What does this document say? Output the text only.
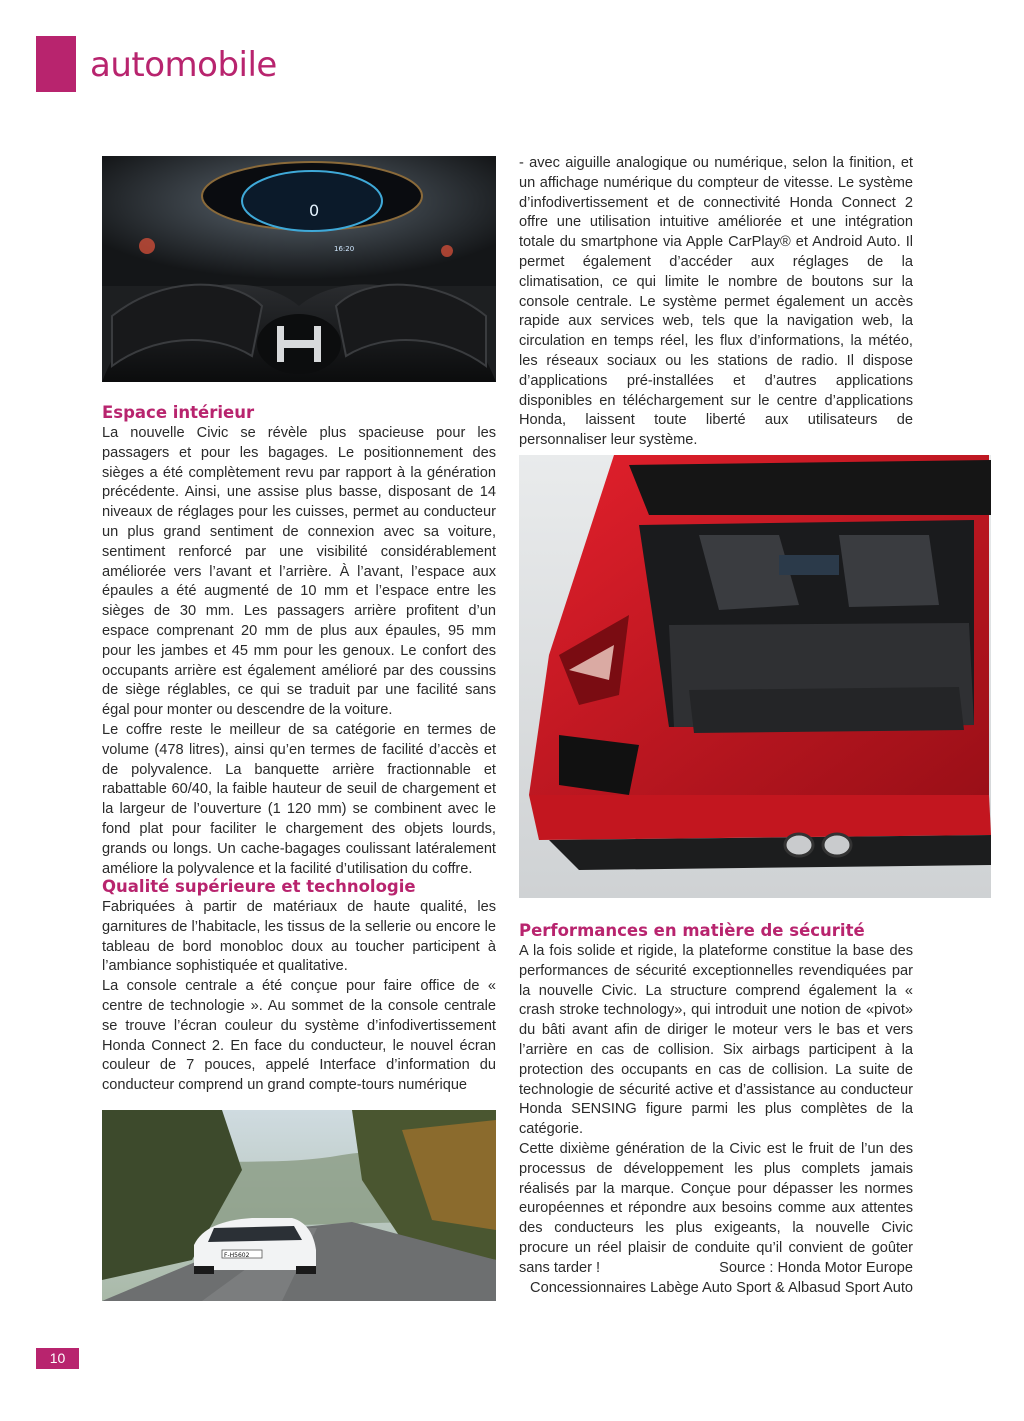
automobile
0
16:20
Espace intérieur

La nouvelle Civic se révèle plus spacieuse pour les passagers et pour les bagages. Le positionnement des sièges a été complètement revu par rapport à la génération précédente. Ainsi, une assise plus basse, disposant de 14 niveaux de réglages pour les cuisses, permet au conducteur un plus grand sentiment de connexion avec sa voiture, sentiment renforcé par une visibilité considérablement améliorée vers l’avant et l’arrière. À l’avant, l’espace aux épaules a été augmenté de 10 mm et l’espace entre les sièges de 30 mm. Les passagers arrière profitent d’un espace comprenant 20 mm de plus aux épaules, 95 mm pour les jambes et 45 mm pour les genoux. Le confort des occupants arrière est également amélioré par des coussins de siège réglables, ce qui se traduit par une facilité sans égal pour monter ou descendre de la voiture.

Le coffre reste le meilleur de sa catégorie en termes de volume (478 litres), ainsi qu’en termes de facilité d’accès et de polyvalence. La banquette arrière fractionnable et rabattable 60/40, la faible hauteur de seuil de chargement et la largeur de l’ouverture (1 120 mm) se combinent avec le fond plat pour faciliter le chargement des objets lourds, grands ou longs. Un cache-bagages coulissant latéralement améliore la polyvalence et la facilité d’utilisation du coffre.

Qualité supérieure et technologie

Fabriquées à partir de matériaux de haute qualité, les garnitures de l’habitacle, les tissus de la sellerie ou encore le tableau de bord monobloc doux au toucher participent à l’ambiance sophistiquée et qualitative.

La console centrale a été conçue pour faire office de « centre de technologie ». Au sommet de la console centrale se trouve l’écran couleur du système d’infodivertissement Honda Connect 2. En face du conducteur, le nouvel écran couleur de 7 pouces, appelé Interface d’information du conducteur comprend un grand compte-tours numérique

F-H5602

- avec aiguille analogique ou numérique, selon la finition, et un affichage numérique du compteur de vitesse. Le système d’infodivertissement et de connectivité Honda Connect 2 offre une utilisation intuitive améliorée et une intégration totale du smartphone via Apple CarPlay® et Android Auto. Il permet également d’accéder aux réglages de la climatisation, ce qui limite le nombre de boutons sur la console centrale. Le système permet également un accès rapide aux services web, tels que la navigation web, la circulation en temps réel, les flux d’informations, la météo, les réseaux sociaux ou les stations de radio. Il dispose d’applications pré-installées et d’autres applications disponibles en téléchargement sur le centre d’applications Honda, laissent toute liberté aux utilisateurs de personnaliser leur système.

Performances en matière de sécurité

A la fois solide et rigide, la plateforme constitue la base des performances de sécurité exceptionnelles revendiquées par la nouvelle Civic. La structure comprend également la « crash stroke technology», qui introduit une notion de «pivot» du bâti avant afin de diriger le moteur vers le bas et vers l’arrière en cas de collision. Six airbags participent à la protection des occupants en cas de collision. La suite de technologie de sécurité active et d’assistance au conducteur Honda SENSING figure parmi les plus complètes de la catégorie.

Cette dixième génération de la Civic est le fruit de l’un des processus de développement les plus complets jamais réalisés par la marque. Conçue pour dépasser les normes européennes et répondre aux besoins comme aux attentes des conducteurs les plus exigeants, la nouvelle Civic procure un réel plaisir de conduite qu’il convient de goûter sans tarder !	Source : Honda Motor Europe
Concessionnaires Labège Auto Sport & Albasud Sport Auto
10
